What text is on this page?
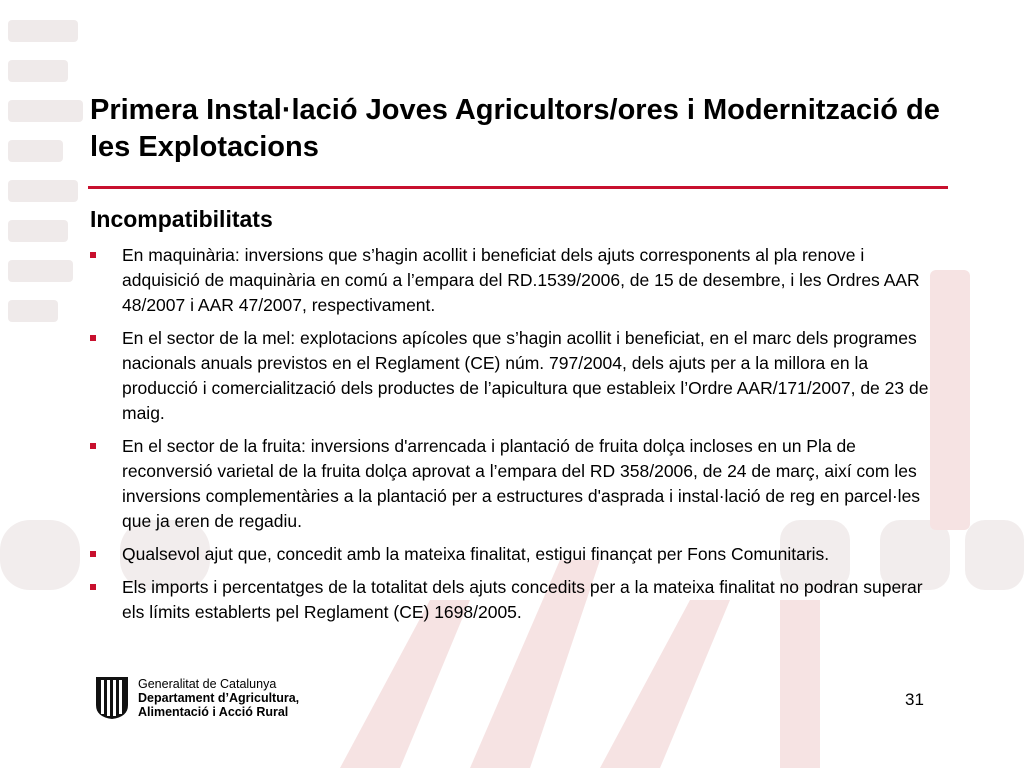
Primera Instal·lació Joves Agricultors/ores i Modernització de les Explotacions
Incompatibilitats
En maquinària: inversions que s’hagin acollit i beneficiat dels ajuts corresponents al pla renove i adquisició de maquinària en comú a l’empara del RD.1539/2006, de 15 de desembre, i les Ordres AAR 48/2007 i AAR 47/2007, respectivament.
En el sector de la mel: explotacions apícoles que s’hagin acollit i beneficiat, en el marc dels programes nacionals anuals previstos en el Reglament (CE) núm. 797/2004, dels ajuts per a la millora en la producció i comercialització dels productes de l’apicultura que estableix l’Ordre AAR/171/2007, de 23 de maig.
En el sector de la fruita: inversions d'arrencada i plantació de fruita dolça incloses en un Pla de reconversió varietal de la fruita dolça aprovat a l’empara del RD 358/2006, de 24 de març, així com les inversions complementàries a la plantació per a estructures d'asprada i instal·lació de reg en parcel·les que ja eren de regadiu.
Qualsevol ajut que, concedit amb la mateixa finalitat, estigui finançat per Fons Comunitaris.
Els imports i percentatges de la totalitat dels ajuts concedits per a la mateixa finalitat no podran superar els límits establerts pel Reglament (CE) 1698/2005.
Generalitat de Catalunya
Departament d’Agricultura,
Alimentació i Acció Rural
31
